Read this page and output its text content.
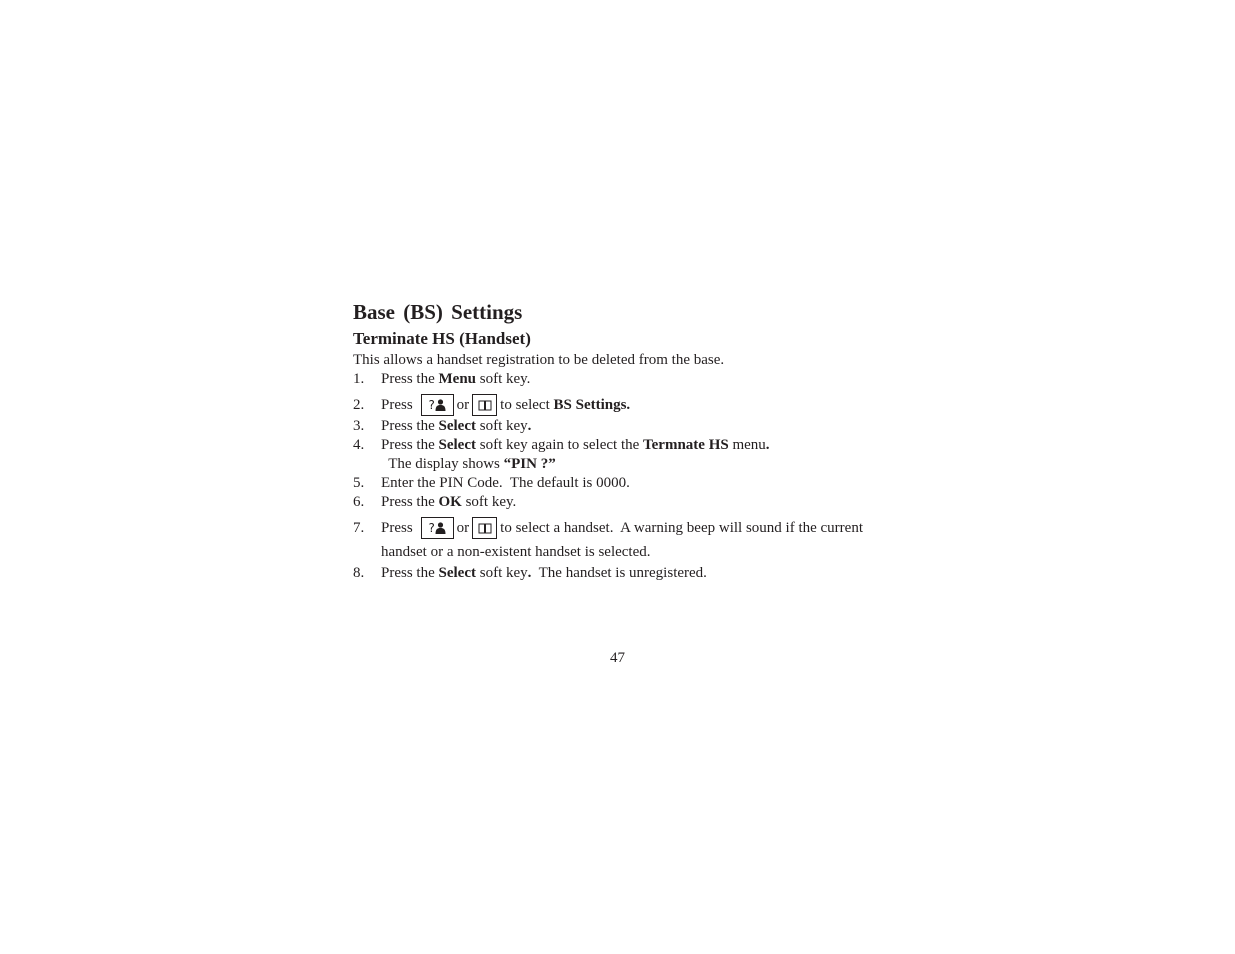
Base (BS) Settings
Terminate HS (Handset)

This allows a handset registration to be deleted from the base.

1.	Press the Menu soft key.
2.	Press ? or to select BS Settings.
3.	Press the Select soft key.
4.	Press the Select soft key again to select the Termnate HS menu.  The display shows “PIN ?”
5.	Enter the PIN Code.  The default is 0000.
6.	Press the OK soft key.
7.	Press ? or to select a handset.  A warning beep will sound if the current handset or a non-existent handset is selected.
8.	Press the Select soft key.  The handset is unregistered.
47
